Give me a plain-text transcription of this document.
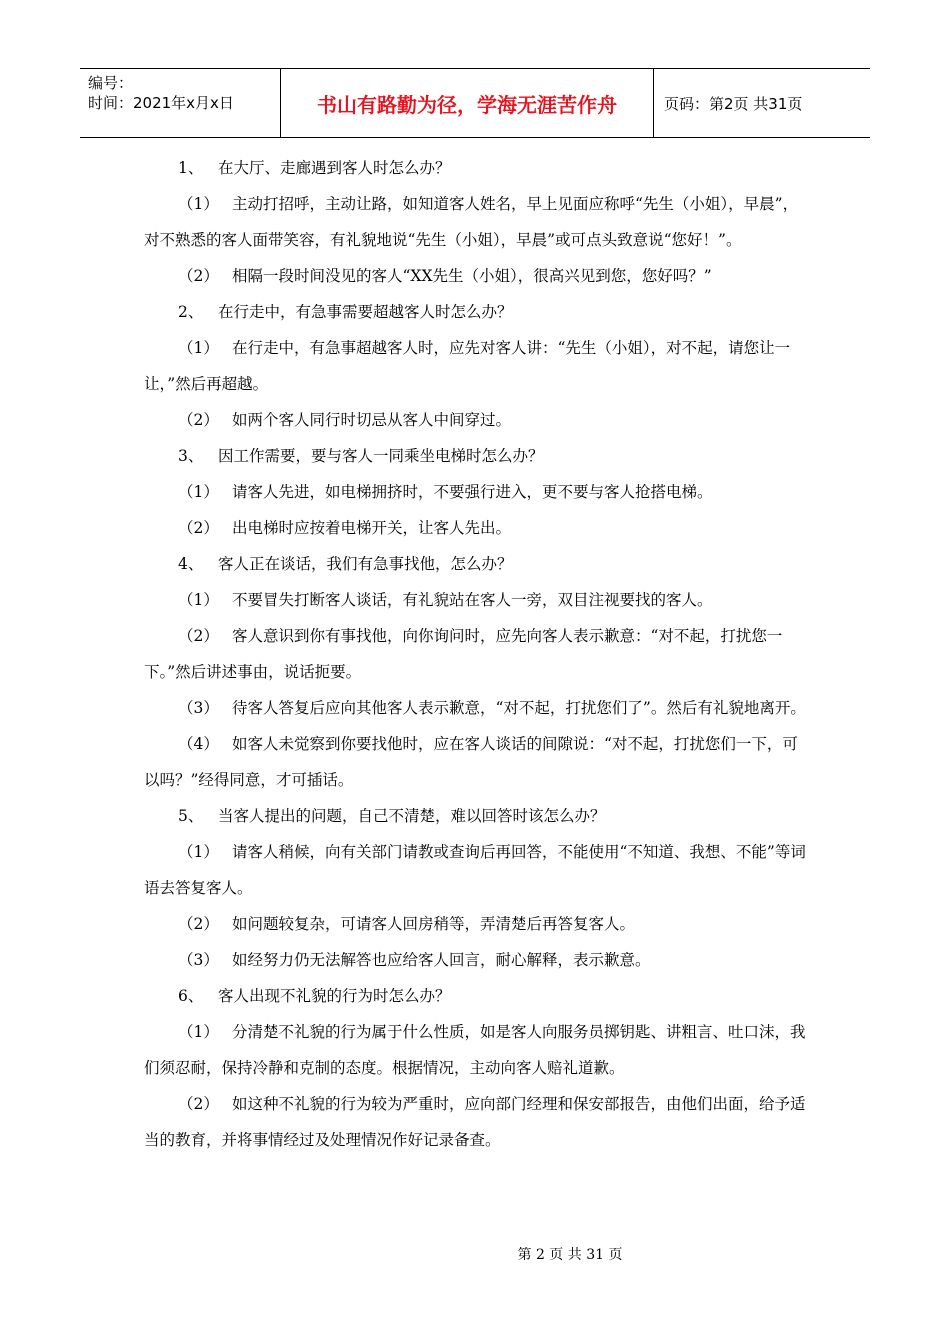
编号：
时间：2021年x月x日	书山有路勤为径，学海无涯苦作舟	页码：第2页 共31页

1、 在大厅、走廊遇到客人时怎么办？

（1） 主动打招呼，主动让路，如知道客人姓名，早上见面应称呼“先生（小姐），早晨”，对不熟悉的客人面带笑容，有礼貌地说“先生（小姐），早晨”或可点头致意说“您好！”。

（2） 相隔一段时间没见的客人“XX先生（小姐），很高兴见到您，您好吗？”

2、 在行走中，有急事需要超越客人时怎么办？

（1） 在行走中，有急事超越客人时，应先对客人讲：“先生（小姐），对不起，请您让一让，”然后再超越。

（2） 如两个客人同行时切忌从客人中间穿过。

3、 因工作需要，要与客人一同乘坐电梯时怎么办？

（1） 请客人先进，如电梯拥挤时，不要强行进入，更不要与客人抢搭电梯。

（2） 出电梯时应按着电梯开关，让客人先出。

4、 客人正在谈话，我们有急事找他，怎么办？

（1） 不要冒失打断客人谈话，有礼貌站在客人一旁，双目注视要找的客人。

（2） 客人意识到你有事找他，向你询问时，应先向客人表示歉意：“对不起，打扰您一下。”然后讲述事由，说话扼要。

（3） 待客人答复后应向其他客人表示歉意，“对不起，打扰您们了”。然后有礼貌地离开。

（4） 如客人未觉察到你要找他时，应在客人谈话的间隙说：“对不起，打扰您们一下，可以吗？”经得同意，才可插话。

5、 当客人提出的问题，自己不清楚，难以回答时该怎么办？

（1） 请客人稍候，向有关部门请教或查询后再回答，不能使用“不知道、我想、不能”等词语去答复客人。

（2） 如问题较复杂，可请客人回房稍等，弄清楚后再答复客人。

（3） 如经努力仍无法解答也应给客人回言，耐心解释，表示歉意。

6、 客人出现不礼貌的行为时怎么办？

（1） 分清楚不礼貌的行为属于什么性质，如是客人向服务员掷钥匙、讲粗言、吐口沫，我们须忍耐，保持冷静和克制的态度。根据情况，主动向客人赔礼道歉。

（2） 如这种不礼貌的行为较为严重时，应向部门经理和保安部报告，由他们出面，给予适当的教育，并将事情经过及处理情况作好记录备查。

第 2 页 共 31 页
